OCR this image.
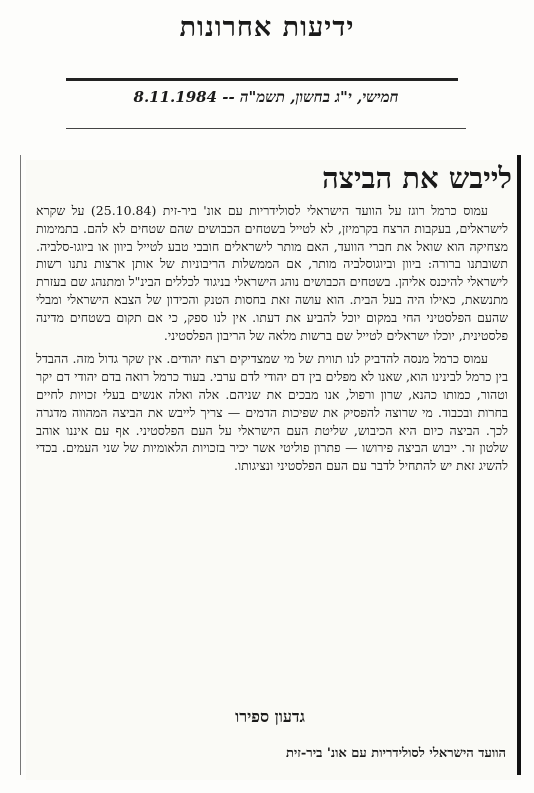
ידיעות אחרונות
חמישי, י"ג בחשון, תשמ"ה -- 8.11.1984
לייבש את הביצה

עמוס כרמל רוגז על הוועד הישראלי לסולידריות עם אונ' ביר-זית (25.10.84) על שקרא לישראלים, בעקבות הרצח בקרמיזן, לא לטייל בשטחים הכבושים שהם שטחים לא להם. בתמימות מצחיקה הוא שואל את חברי הוועד, האם מותר לישראלים חובבי טבע לטייל ביוון או ביוגו-סלביה. תשובתנו ברורה: ביוון וביוגוסלביה מותר, אם הממשלות הריבוניות של אותן ארצות נתנו רשות לישראלי להיכנס אליהן. בשטחים הכבושים נוהג הישראלי בניגוד לכללים הבינ"ל ומתנהג שם בעזרת מתנשאת, כאילו היה בעל הבית. הוא עושה זאת בחסות הטנק והכידון של הצבא הישראלי ומבלי שהעם הפלסטיני החי במקום יוכל להביע את דעתו. אין לנו ספק, כי אם תקום בשטחים מדינה פלסטינית, יוכלו ישראלים לטייל שם ברשות מלאה של הריבון הפלסטיני.

עמוס כרמל מנסה להדביק לנו תווית של מי שמצדיקים רצח יהודים. אין שקר גדול מזה. ההבדל בין כרמל לבינינו הוא, שאנו לא מפלים בין דם יהודי לדם ערבי. בעוד כרמל רואה בדם יהודי דם יקר וטהור, כמותו כהנא, שרון ורפול, אנו מבכים את שניהם. אלה ואלה אנשים בעלי זכויות לחיים בחרות ובכבוד. מי שרוצה להפסיק את שפיכות הדמים — צריך לייבש את הביצה המהווה מדגרה לכך. הביצה כיום היא הכיבוש, שליטת העם הישראלי על העם הפלסטיני. אף עם איננו אוהב שלטון זר. ייבוש הביצה פירושו — פתרון פוליטי אשר יכיר בזכויות הלאומיות של שני העמים. בכדי להשיג זאת יש להתחיל לדבר עם העם הפלסטיני ונציגותו.

גדעון ספירו
הוועד הישראלי לסולידריות עם אונ' ביר-זית
